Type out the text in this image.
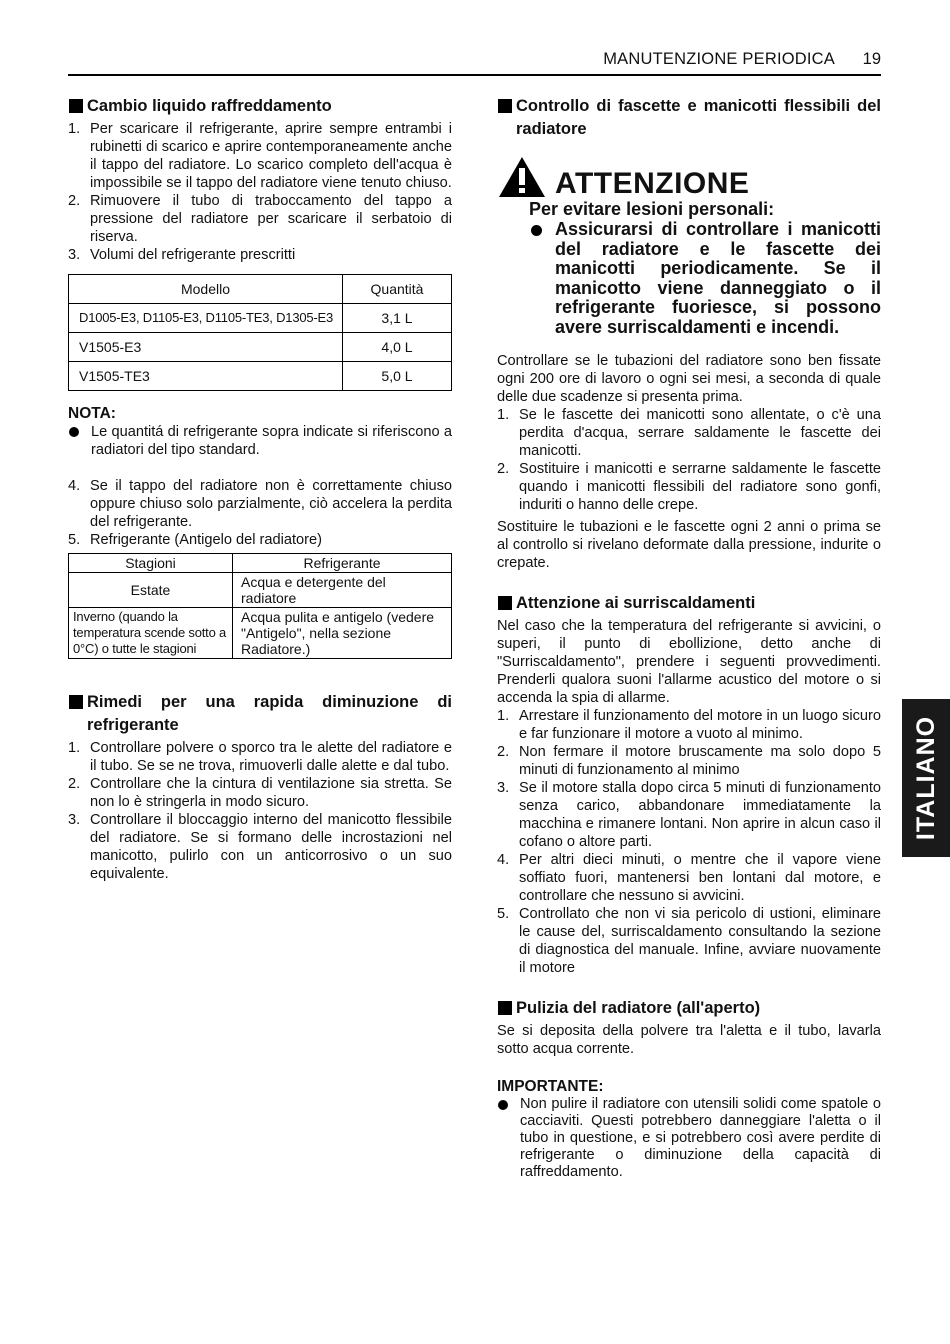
MANUTENZIONE PERIODICA 19
Cambio liquido raffreddamento
1. Per scaricare il refrigerante, aprire sempre entrambi i rubinetti di scarico e aprire contemporaneamente anche il tappo del radiatore. Lo scarico completo dell'acqua è impossibile se il tappo del radiatore viene tenuto chiuso.
2. Rimuovere il tubo di traboccamento del tappo a pressione del radiatore per scaricare il serbatoio di riserva.
3. Volumi del refrigerante prescritti
Modello	Quantità
D1005-E3, D1105-E3, D1105-TE3, D1305-E3	3,1 L
V1505-E3	4,0 L
V1505-TE3	5,0 L
NOTA:
Le quantitá di refrigerante sopra indicate si riferiscono a radiatori del tipo standard.
4. Se il tappo del radiatore non è correttamente chiuso oppure chiuso solo parzialmente, ciò accelera la perdita del refrigerante.
5. Refrigerante (Antigelo del radiatore)
Stagioni	Refrigerante
Estate	Acqua e detergente del radiatore
Inverno (quando la temperatura scende sotto a 0°C) o tutte le stagioni	Acqua pulita e antigelo (vedere "Antigelo", nella sezione Radiatore.)
Rimedi per una rapida diminuzione di refrigerante
1. Controllare polvere o sporco tra le alette del radiatore e il tubo. Se se ne trova, rimuoverli dalle alette e dal tubo.
2. Controllare che la cintura di ventilazione sia stretta. Se non lo è stringerla in modo sicuro.
3. Controllare il bloccaggio interno del manicotto flessibile del radiatore. Se si formano delle incrostazioni nel manicotto, pulirlo con un anticorrosivo o un suo equivalente.
Controllo di fascette e manicotti flessibili del radiatore
ATTENZIONE
Per evitare lesioni personali:
Assicurarsi di controllare i manicotti del radiatore e le fascette dei manicotti periodicamente. Se il manicotto viene danneggiato o il refrigerante fuoriesce, si possono avere surriscaldamenti e incendi.

Controllare se le tubazioni del radiatore sono ben fissate ogni 200 ore di lavoro o ogni sei mesi, a seconda di quale delle due scadenze si presenta prima.

1. Se le fascette dei manicotti sono allentate, o c'è una perdita d'acqua, serrare saldamente le fascette dei manicotti.
2. Sostituire i manicotti e serrarne saldamente le fascette quando i manicotti flessibili del radiatore sono gonfi, induriti o hanno delle crepe.

Sostituire le tubazioni e le fascette ogni 2 anni o prima se al controllo si rivelano deformate dalla pressione, indurite o crepate.

Attenzione ai surriscaldamenti

Nel caso che la temperatura del refrigerante si avvicini, o superi, il punto di ebollizione, detto anche di "Surriscaldamento", prendere i seguenti provvedimenti. Prenderli qualora suoni l'allarme acustico del motore o si accenda la spia di allarme.

1. Arrestare il funzionamento del motore in un luogo sicuro e far funzionare il motore a vuoto al minimo.
2. Non fermare il motore bruscamente ma solo dopo 5 minuti di funzionamento al minimo
3. Se il motore stalla dopo circa 5 minuti di funzionamento senza carico, abbandonare immediatamente la macchina e rimanere lontani. Non aprire in alcun caso il cofano o altore parti.
4. Per altri dieci minuti, o mentre che il vapore viene soffiato fuori, mantenersi ben lontani dal motore, e controllare che nessuno si avvicini.
5. Controllato che non vi sia pericolo di ustioni, eliminare le cause del, surriscaldamento consultando la sezione di diagnostica del manuale. Infine, avviare nuovamente il motore
Pulizia del radiatore (all'aperto)

Se si deposita della polvere tra l'aletta e il tubo, lavarla sotto acqua corrente.

IMPORTANTE:
Non pulire il radiatore con utensili solidi come spatole o cacciaviti. Questi potrebbero danneggiare l'aletta o il tubo in questione, e si potrebbero così avere perdite di refrigerante o diminuzione della capacità di raffreddamento.
ITALIANO
